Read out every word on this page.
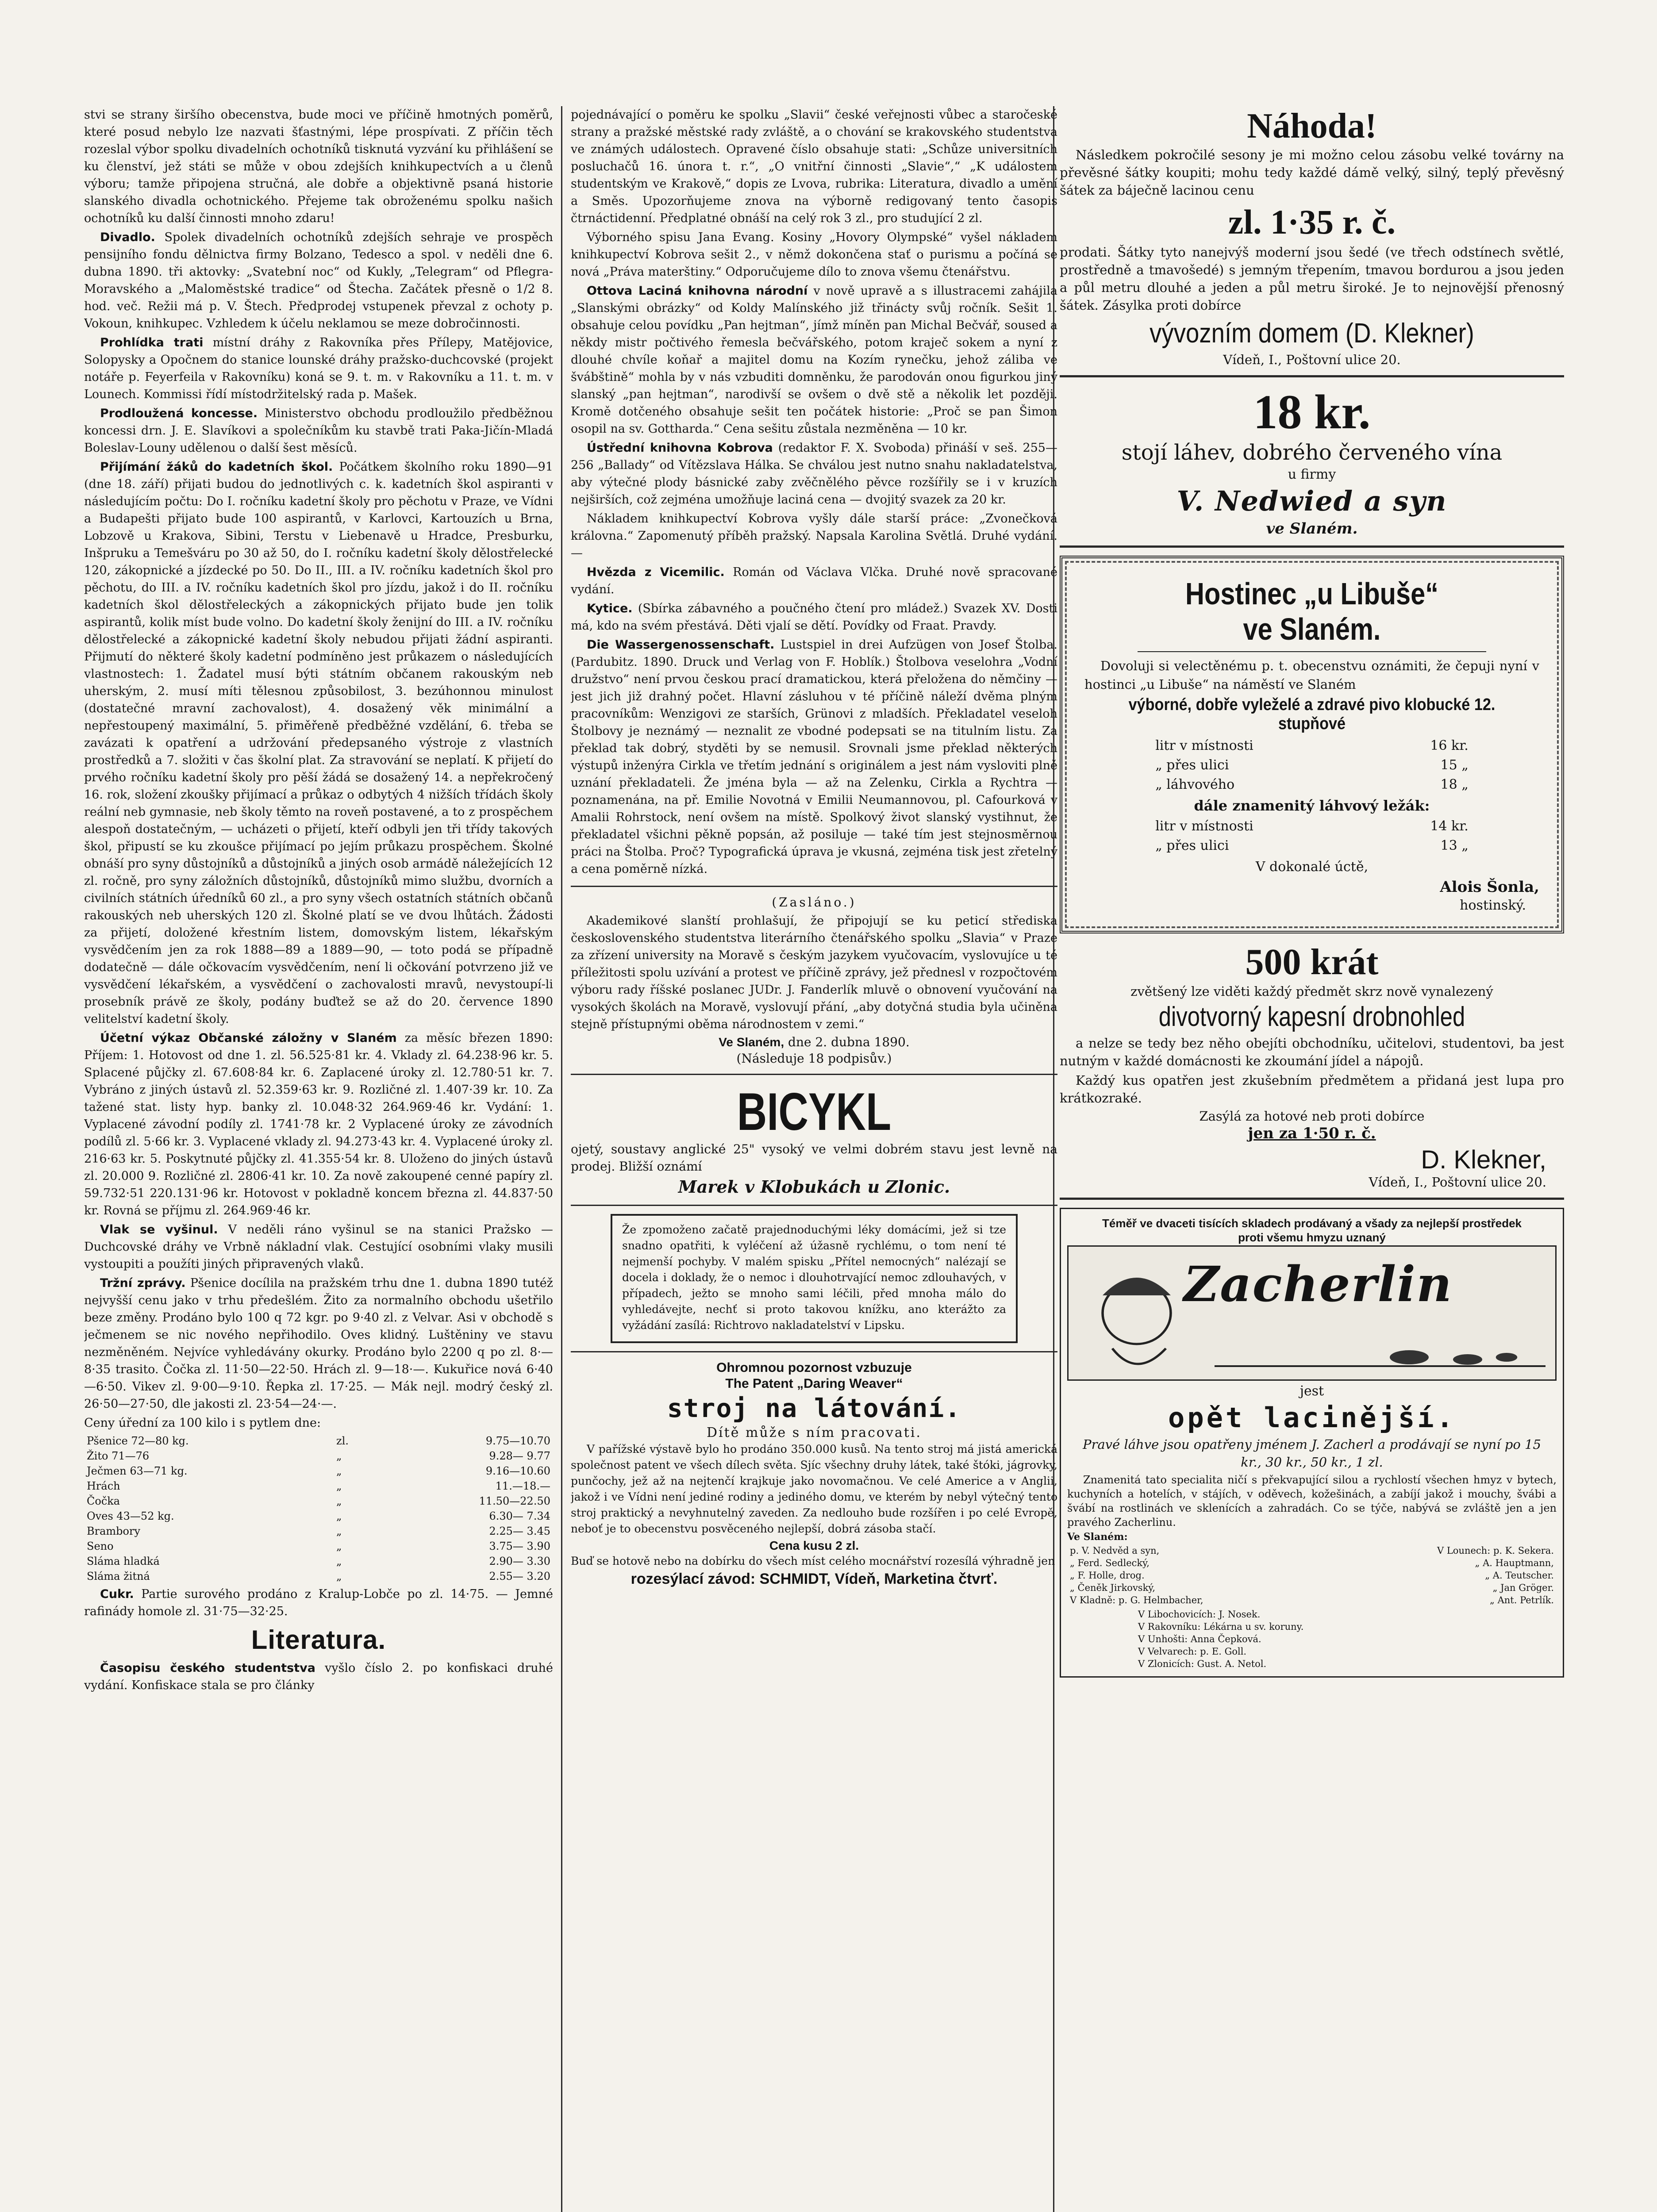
stvi se strany širšího obecenstva, bude moci ve příčině hmotných poměrů, které posud nebylo lze nazvati šťastnými, lépe prospívati. Z příčin těch rozeslal výbor spolku divadelních ochotníků tisknutá vyzvání ku přihlášení se ku členství, jež státi se může v obou zdejších knihkupectvích a u členů výboru; tamže připojena stručná, ale dobře a objektivně psaná historie slanského divadla ochotnického. Přejeme tak obroženému spolku našich ochotníků ku další činnosti mnoho zdaru!

Divadlo. Spolek divadelních ochotníků zdejších sehraje ve prospěch pensijního fondu dělnictva firmy Bolzano, Tedesco a spol. v neděli dne 6. dubna 1890. tři aktovky: „Svatební noc“ od Kukly, „Telegram“ od Pflegra-Moravského a „Maloměstské tradice“ od Štecha. Začátek přesně o 1/2 8. hod. več. Režii má p. V. Štech. Předprodej vstupenek převzal z ochoty p. Vokoun, knihkupec. Vzhledem k účelu neklamou se meze dobročinnosti.

Prohlídka trati místní dráhy z Rakovníka přes Přílepy, Matějovice, Solopysky a Opočnem do stanice lounské dráhy pražsko-duchcovské (projekt notáře p. Feyerfeila v Rakovníku) koná se 9. t. m. v Rakovníku a 11. t. m. v Lounech. Kommissi řídí místodržitelský rada p. Mašek.

Prodloužená koncesse. Ministerstvo obchodu prodloužilo předběžnou koncessi drn. J. E. Slavíkovi a společníkům ku stavbě trati Paka-Jičín-Mladá Boleslav-Louny udělenou o další šest měsíců.

Přijímání žáků do kadetních škol. Počátkem školního roku 1890—91 (dne 18. září) přijati budou do jednotlivých c. k. kadetních škol aspiranti v následujícím počtu: Do I. ročníku kadetní školy pro pěchotu v Praze, ve Vídni a Budapešti přijato bude 100 aspirantů, v Karlovci, Kartouzích u Brna, Lobzově u Krakova, Sibini, Terstu v Liebenavě u Hradce, Presburku, Inšpruku a Temešváru po 30 až 50, do I. ročníku kadetní školy dělostřelecké 120, zákopnické a jízdecké po 50. Do II., III. a IV. ročníku kadetních škol pro pěchotu, do III. a IV. ročníku kadetních škol pro jízdu, jakož i do II. ročníku kadetních škol dělostřeleckých a zákopnických přijato bude jen tolik aspirantů, kolik míst bude volno. Do kadetní školy ženijní do III. a IV. ročníku dělostřelecké a zákopnické kadetní školy nebudou přijati žádní aspiranti. Přijmutí do některé školy kadetní podmíněno jest průkazem o následujících vlastnostech: 1. Žadatel musí býti státním občanem rakouským neb uherským, 2. musí míti tělesnou způsobilost, 3. bezúhonnou minulost (dostatečné mravní zachovalost), 4. dosažený věk minimální a nepřestoupený maximální, 5. přiměřeně předběžné vzdělání, 6. třeba se zavázati k opatření a udržování předepsaného výstroje z vlastních prostředků a 7. složiti v čas školní plat. Za stravování se neplatí. K přijetí do prvého ročníku kadetní školy pro pěší žádá se dosažený 14. a nepřekročený 16. rok, složení zkoušky přijímací a průkaz o odbytých 4 nižších třídách školy reální neb gymnasie, neb školy těmto na roveň postavené, a to z prospěchem alespoň dostatečným, — ucházeti o přijetí, kteří odbyli jen tři třídy takových škol, připustí se ku zkoušce přijímací po jejím průkazu prospěchem. Školné obnáší pro syny důstojníků a důstojníků a jiných osob armádě náležejících 12 zl. ročně, pro syny záložních důstojníků, důstojníků mimo službu, dvorních a civilních státních úředníků 60 zl., a pro syny všech ostatních státních občanů rakouských neb uherských 120 zl. Školné platí se ve dvou lhůtách. Žádosti za přijetí, doložené křestním listem, domovským listem, lékařským vysvědčením jen za rok 1888—89 a 1889—90, — toto podá se případně dodatečně — dále očkovacím vysvědčením, není li očkování potvrzeno již ve vysvědčení lékařském, a vysvědčení o zachovalosti mravů, nevystoupí-li prosebník právě ze školy, podány buďtež se až do 20. července 1890 velitelství kadetní školy.

Účetní výkaz Občanské záložny v Slaném za měsíc březen 1890: Příjem: 1. Hotovost od dne 1. zl. 56.525·81 kr. 4. Vklady zl. 64.238·96 kr. 5. Splacené půjčky zl. 67.608·84 kr. 6. Zaplacené úroky zl. 12.780·51 kr. 7. Vybráno z jiných ústavů zl. 52.359·63 kr. 9. Rozličné zl. 1.407·39 kr. 10. Za tažené stat. listy hyp. banky zl. 10.048·32 264.969·46 kr. Vydání: 1. Vyplacené závodní podíly zl. 1741·78 kr. 2 Vyplacené úroky ze závodních podílů zl. 5·66 kr. 3. Vyplacené vklady zl. 94.273·43 kr. 4. Vyplacené úroky zl. 216·63 kr. 5. Poskytnuté půjčky zl. 41.355·54 kr. 8. Uloženo do jiných ústavů zl. 20.000 9. Rozličné zl. 2806·41 kr. 10. Za nově zakoupené cenné papíry zl. 59.732·51 220.131·96 kr. Hotovost v pokladně koncem března zl. 44.837·50 kr. Rovná se příjmu zl. 264.969·46 kr.

Vlak se vyšinul. V neděli ráno vyšinul se na stanici Pražsko — Duchcovské dráhy ve Vrbně nákladní vlak. Cestující osobními vlaky musili vystoupiti a použíti jiných připravených vlaků.

Tržní zprávy. Pšenice docílila na pražském trhu dne 1. dubna 1890 tutéž nejvyšší cenu jako v trhu předešlém. Žito za normalního obchodu ušetřilo beze změny. Prodáno bylo 100 q 72 kgr. po 9·40 zl. z Velvar. Asi v obchodě s ječmenem se nic nového nepřihodilo. Oves klidný. Luštěniny ve stavu nezměněném. Nejvíce vyhledávány okurky. Prodáno bylo 2200 q po zl. 8·— 8·35 trasito. Čočka zl. 11·50—22·50. Hrách zl. 9—18·—. Kukuřice nová 6·40—6·50. Vikev zl. 9·00—9·10. Řepka zl. 17·25. — Mák nejl. modrý český zl. 26·50—27·50, dle jakosti zl. 23·54—24·—.

Ceny úřední za 100 kilo i s pytlem dne:

Pšenice 72—80 kg.	zl.	9.75—10.70
Žito 71—76	„	9.28— 9.77
Ječmen 63—71 kg.	„	9.16—10.60
Hrách	„	11.—18.—
Čočka	„	11.50—22.50
Oves 43—52 kg.	„	6.30— 7.34
Brambory	„	2.25— 3.45
Seno	„	3.75— 3.90
Sláma hladká	„	2.90— 3.30
Sláma žitná	„	2.55— 3.20

Cukr. Partie surového prodáno z Kralup-Lobče po zl. 14·75. — Jemné rafinády homole zl. 31·75—32·25.

Literatura.

Časopisu českého studentstva vyšlo číslo 2. po konfiskaci druhé vydání. Konfiskace stala se pro články

pojednávající o poměru ke spolku „Slavii“ české veřejnosti vůbec a staročeské strany a pražské městské rady zvláště, a o chování se krakovského studentstva ve známých událostech. Opravené číslo obsahuje stati: „Schůze universitních posluchačů 16. února t. r.“, „O vnitřní činnosti „Slavie“,“ „K událostem studentským ve Krakově,“ dopis ze Lvova, rubrika: Literatura, divadlo a umění a Směs. Upozorňujeme znova na výborně redigovaný tento časopis čtrnáctidenní. Předplatné obnáší na celý rok 3 zl., pro studující 2 zl.

Výborného spisu Jana Evang. Kosiny „Hovory Olympské“ vyšel nákladem knihkupectví Kobrova sešit 2., v němž dokončena stať o purismu a počíná se nová „Práva materštiny.“ Odporučujeme dílo to znova všemu čtenářstvu.

Ottova Laciná knihovna národní v nově upravě a s illustracemi zahájila „Slanskými obrázky“ od Koldy Malínského již třinácty svůj ročník. Sešit 1. obsahuje celou povídku „Pan hejtman“, jímž míněn pan Michal Bečvář, soused a někdy mistr počtivého řemesla bečvářského, potom kraječ sokem a nyní z dlouhé chvíle koňař a majitel domu na Kozím rynečku, jehož záliba ve švábštině“ mohla by v nás vzbuditi domněnku, že parodován onou figurkou jiný slanský „pan hejtman“, narodivší se ovšem o dvě stě a několik let později. Kromě dotčeného obsahuje sešit ten počátek historie: „Proč se pan Šimon osopil na sv. Gottharda.“ Cena sešitu zůstala nezměněna — 10 kr.

Ústřední knihovna Kobrova (redaktor F. X. Svoboda) přináší v seš. 255—256 „Ballady“ od Vítězslava Hálka. Se chválou jest nutno snahu nakladatelstva, aby výtečné plody básnické zaby zvěčnělého pěvce rozšířily se i v kruzích nejširších, což zejména umožňuje laciná cena — dvojitý svazek za 20 kr.

Nákladem knihkupectví Kobrova vyšly dále starší práce: „Zvonečková královna.“ Zapomenutý příběh pražský. Napsala Karolina Světlá. Druhé vydání. —

Hvězda z Vicemilic. Román od Václava Vlčka. Druhé nově spracované vydání.

Kytice. (Sbírka zábavného a poučného čtení pro mládež.) Svazek XV. Dosti má, kdo na svém přestává. Děti vjalí se dětí. Povídky od Fraat. Pravdy.

Die Wassergenossenschaft. Lustspiel in drei Aufzügen von Josef Štolba. (Pardubitz. 1890. Druck und Verlag von F. Hoblík.) Štolbova veselohra „Vodní družstvo“ není prvou českou prací dramatickou, která přeložena do němčiny — jest jich již drahný počet. Hlavní zásluhou v té příčině náleží dvěma plným pracovníkům: Wenzigovi ze starších, Grünovi z mladších. Překladatel veseloh Štolbovy je neznámý — neznalit ze vbodné podepsati se na titulním listu. Za překlad tak dobrý, styděti by se nemusil. Srovnali jsme překlad některých výstupů inženýra Cirkla ve třetím jednání s originálem a jest nám vysloviti plně uznání překladateli. Že jména byla — až na Zelenku, Cirkla a Rychtra — poznamenána, na př. Emilie Novotná v Emilii Neumannovou, pl. Cafourková v Amalii Rohrstock, není ovšem na místě. Spolkový život slanský vystihnut, že překladatel všichni pěkně popsán, až posiluje — také tím jest stejnosměrnou práci na Štolba. Proč? Typografická úprava je vkusná, zejména tisk jest zřetelný a cena poměrně nízká.

(Zasláno.)

Akademikové slanští prohlašují, že připojují se ku peticí střediska československého studentstva literárního čtenářského spolku „Slavia“ v Praze za zřízení university na Moravě s českým jazykem vyučovacím, vyslovujíce u té příležitosti spolu uzívání a protest ve příčině zprávy, jež přednesl v rozpočtovém výboru rady říšské poslanec JUDr. J. Fanderlík mluvě o obnovení vyučování na vysokých školách na Moravě, vyslovují přání, „aby dotyčná studia byla učiněna stejně přístupnými oběma národnostem v zemi.“

Ve Slaném, dne 2. dubna 1890.

(Následuje 18 podpisův.)

BICYKL

ojetý, soustavy anglické 25" vysoký ve velmi dobrém stavu jest levně na prodej. Bližší oznámí

Marek v Klobukách u Zlonic.

Že zpomoženo začatě prajednoduchými léky domácími, jež si tze snadno opatřiti, k vyléčení až úžasně rychlému, o tom není té nejmenší pochyby. V malém spisku „Přítel nemocných“ nalézají se docela i doklady, že o nemoc i dlouhotrvající nemoc zdlouhavých, v případech, ježto se mnoho sami léčili, před mnoha málo do vyhledávejte, nechť si proto takovou knížku, ano kterážto za vyžádání zasílá: Richtrovo nakladatelství v Lipsku.

Ohromnou pozornost vzbuzuje

The Patent „Daring Weaver“

stroj na látování.

Dítě může s ním pracovati.

V pařížské výstavě bylo ho prodáno 350.000 kusů. Na tento stroj má jistá americká společnost patent ve všech dílech světa. Sjíc všechny druhy látek, také štóki, jágrovky, punčochy, jež až na nejtenčí krajkuje jako novomačnou. Ve celé Americe a v Anglii, jakož i ve Vídni není jediné rodiny a jediného domu, ve kterém by nebyl výtečný tento stroj praktický a nevyhnutelný zaveden. Za nedlouho bude rozšířen i po celé Evropě, neboť je to obecenstvu posvěceného nejlepší, dobrá zásoba stačí.

Cena kusu 2 zl.

Buď se hotově nebo na dobírku do všech míst celého mocnářství rozesílá výhradně jen

rozesýlací závod: SCHMIDT, Vídeň, Marketina čtvrť.

Náhoda!

Následkem pokročilé sesony je mi možno celou zásobu velké továrny na převěsné šátky koupiti; mohu tedy každé dámě velký, silný, teplý převěsný šátek za báječně lacinou cenu

zl. 1·35 r. č.

prodati. Šátky tyto nanejvýš moderní jsou šedé (ve třech odstínech světlé, prostředně a tmavošedé) s jemným třepením, tmavou bordurou a jsou jeden a půl metru dlouhé a jeden a půl metru široké. Je to nejnovější přenosný šátek. Zásylka proti dobírce

vývozním domem (D. Klekner)

Vídeň, I., Poštovní ulice 20.

18 kr.

stojí láhev, dobrého červeného vína

u firmy

V. Nedwied a syn

ve Slaném.

Hostinec „u Libuše“
ve Slaném.

Dovoluji si velectěnému p. t. obecenstvu oznámiti, že čepuji nyní v hostinci „u Libuše“ na náměstí ve Slaném

výborné, dobře vyleželé a zdravé pivo klobucké 12. stupňové

litr v místnosti	16 kr.
„ přes ulici	15 „
„ láhvového	18 „

dále znamenitý láhvový ležák:

litr v místnosti	14 kr.
„ přes ulici	13 „

V dokonalé úctě,

Alois Šonla,

hostinský.

500 krát

zvětšený lze viděti každý předmět skrz nově vynalezený

divotvorný kapesní drobnohled

a nelze se tedy bez něho obejíti obchodníku, učitelovi, studentovi, ba jest nutným v každé domácnosti ke zkoumání jídel a nápojů.

Každý kus opatřen jest zkušebním předmětem a přidaná jest lupa pro krátkozraké.

Zasýlá za hotové neb proti dobírce

jen za 1·50 r. č.

D. Klekner,

Vídeň, I., Poštovní ulice 20.

Téměř ve dvaceti tisících skladech prodávaný a všady za nejlepší prostředek proti všemu hmyzu uznaný

Zacherlin

jest

opět lacinější.

Pravé láhve jsou opatřeny jménem J. Zacherl a prodávají se nyní po 15 kr., 30 kr., 50 kr., 1 zl.

Znamenitá tato specialita ničí s překvapující silou a rychlostí všechen hmyz v bytech, kuchyních a hotelích, v stájích, v oděvech, kožešinách, a zabíjí jakož i mouchy, švábi a švábí na rostlinách ve sklenících a zahradách. Co se týče, nabývá se zvláště jen a jen pravého Zacherlinu.

Ve Slaném:

p. V. Nedvěd a syn,	V Lounech: p. K. Sekera.
„ Ferd. Sedlecký,	„ A. Hauptmann,
„ F. Holle, drog.	„ A. Teutscher.
„ Čeněk Jirkovský,	„ Jan Gröger.
V Kladně: p. G. Helmbacher,	„ Ant. Petrlík.
V Libochovicích: J. Nosek.
V Rakovníku: Lékárna u sv. koruny.
V Unhošti: Anna Čepková.
V Velvarech: p. E. Goll.
V Zlonicích: Gust. A. Netol.
